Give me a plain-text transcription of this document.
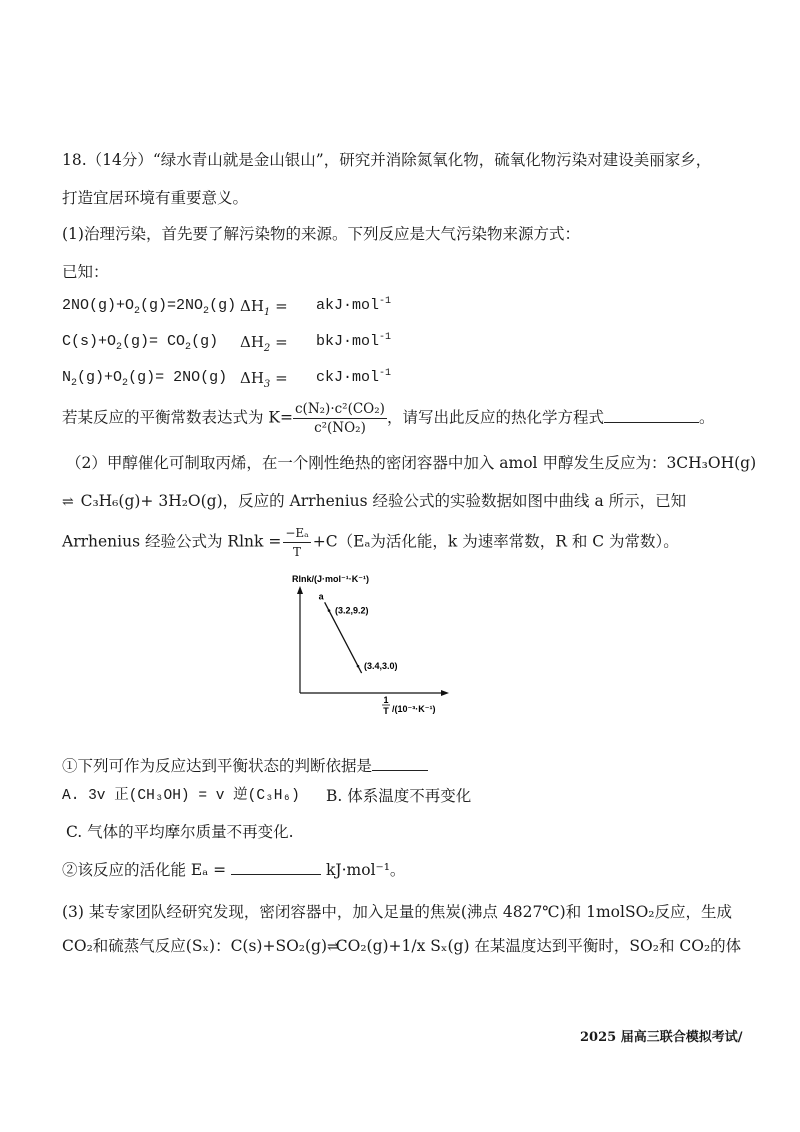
18.（14分）“绿水青山就是金山银山”，研究并消除氮氧化物，硫氧化物污染对建设美丽家乡，
打造宜居环境有重要意义。
(1)治理污染，首先要了解污染物的来源。下列反应是大气污染物来源方式：
已知：
$2NO(g)+O_2(g)=2NO_2(g) \Delta H_1 = akJ\cdot mol^{-1}$
$C(s)+O_2(g)= CO_2(g) \Delta H_2 = bkJ\cdot mol^{-1}$
$N_2(g)+O_2(g)= 2NO(g) \Delta H_3 = ckJ\cdot mol^{-1}$
若某反应的平衡常数表达式为 $K= \frac{\text{c(N₂)·c²(CO₂)}}{\text{c²(NO₂)}}$ ，请写出此反应的热化学方程式	。
（2）甲醇催化可制取丙烯，在一个刚性绝热的密闭容器中加入 amol 甲醇发生反应为：3CH₃OH(g)
⇌ C₃H₆(g)+ 3H₂O(g)，反应的 Arrhenius 经验公式的实验数据如图中曲线 a 所示，已知
Arrhenius 经验公式为 $Rlnk = \frac{\text{−Eₐ}}{T} +C(E_a$为活化能，k 为速率常数，R 和 C 为常数）。
Rlnk/(J·mol⁻¹·K⁻¹)
1
T /(10⁻³·K⁻¹)
a
(3.2,9.2)
(3.4,3.0)
①下列可作为反应达到平衡状态的判断依据是
A. 3v 正(CH₃OH) = v 逆(C₃H₆) B. 体系温度不再变化
C. 气体的平均摩尔质量不再变化.
②该反应的活化能 Eₐ =	kJ·mol⁻¹。
(3) 某专家团队经研究发现，密闭容器中，加入足量的焦炭(沸点 4827℃)和 1molSO₂反应，生成
CO₂和硫蒸气反应(Sₓ)：C(s)+SO₂(g)⇌CO₂(g)+1/x Sₓ(g) 在某温度达到平衡时，SO₂和 CO₂的体
2025 届高三联合模拟考试/
